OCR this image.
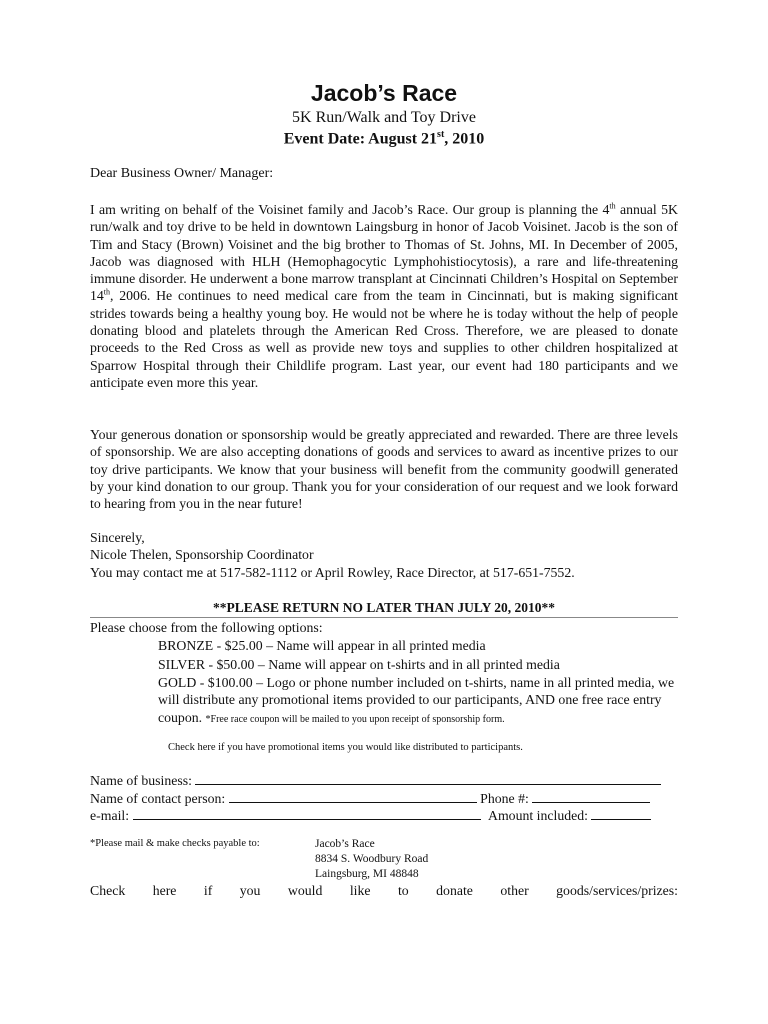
Jacob’s Race
5K Run/Walk and Toy Drive
Event Date: August 21st, 2010
Dear Business Owner/ Manager:

I am writing on behalf of the Voisinet family and Jacob’s Race. Our group is planning the 4th annual 5K run/walk and toy drive to be held in downtown Laingsburg in honor of Jacob Voisinet. Jacob is the son of Tim and Stacy (Brown) Voisinet and the big brother to Thomas of St. Johns, MI. In December of 2005, Jacob was diagnosed with HLH (Hemophagocytic Lymphohistiocytosis), a rare and life-threatening immune disorder. He underwent a bone marrow transplant at Cincinnati Children’s Hospital on September 14th, 2006. He continues to need medical care from the team in Cincinnati, but is making significant strides towards being a healthy young boy. He would not be where he is today without the help of people donating blood and platelets through the American Red Cross. Therefore, we are pleased to donate proceeds to the Red Cross as well as provide new toys and supplies to other children hospitalized at Sparrow Hospital through their Childlife program. Last year, our event had 180 participants and we anticipate even more this year.

Your generous donation or sponsorship would be greatly appreciated and rewarded. There are three levels of sponsorship. We are also accepting donations of goods and services to award as incentive prizes to our toy drive participants. We know that your business will benefit from the community goodwill generated by your kind donation to our group. Thank you for your consideration of our request and we look forward to hearing from you in the near future!

Sincerely,

Nicole Thelen, Sponsorship Coordinator

You may contact me at 517-582-1112 or April Rowley, Race Director, at 517-651-7552.

**PLEASE RETURN NO LATER THAN JULY 20, 2010**
Please choose from the following options:

BRONZE - $25.00 – Name will appear in all printed media

SILVER - $50.00 – Name will appear on t-shirts and in all printed media

GOLD - $100.00 – Logo or phone number included on t-shirts, name in all printed media, we will distribute any promotional items provided to our participants, AND one free race entry coupon. *Free race coupon will be mailed to you upon receipt of sponsorship form.

Check here if you have promotional items you would like distributed to participants.
Name of business:
Name of contact person:	Phone #:
e-mail:	Amount included:
*Please mail & make checks payable to:	Jacob’s Race
8834 S. Woodbury Road
Laingsburg, MI 48848
Check here if you would like to donate other goods/services/prizes:
